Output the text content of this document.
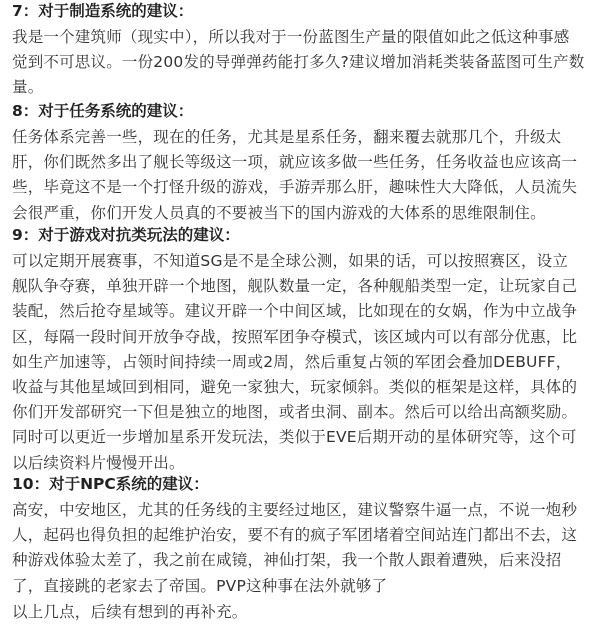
7：对于制造系统的建议：

我是一个建筑师（现实中），所以我对于一份蓝图生产量的限值如此之低这种事感
觉到不可思议。一份200发的导弹弹药能打多久?建议增加消耗类装备蓝图可生产数
量。

8：对于任务系统的建议：

任务体系完善一些，现在的任务，尤其是星系任务，翻来覆去就那几个，升级太
肝，你们既然多出了舰长等级这一项，就应该多做一些任务，任务收益也应该高一
些，毕竟这不是一个打怪升级的游戏，手游弄那么肝，趣味性大大降低，人员流失
会很严重，你们开发人员真的不要被当下的国内游戏的大体系的思维限制住。

9：对于游戏对抗类玩法的建议：

可以定期开展赛事，不知道SG是不是全球公测，如果的话，可以按照赛区，设立
舰队争夺赛，单独开辟一个地图，舰队数量一定，各种舰船类型一定，让玩家自己
装配，然后抢夺星域等。建议开辟一个中间区域，比如现在的女娲，作为中立战争
区，每隔一段时间开放争夺战，按照军团争夺模式，该区域内可以有部分优惠，比
如生产加速等，占领时间持续一周或2周，然后重复占领的军团会叠加DEBUFF，
收益与其他星域回到相同，避免一家独大，玩家倾斜。类似的框架是这样，具体的
你们开发部研究一下但是独立的地图，或者虫洞、副本。然后可以给出高额奖励。
同时可以更近一步增加星系开发玩法，类似于EVE后期开动的星体研究等，这个可
以后续资料片慢慢开出。

10：对于NPC系统的建议：

高安，中安地区，尤其的任务线的主要经过地区，建议警察牛逼一点，不说一炮秒
人，起码也得负担的起维护治安，要不有的疯子军团堵着空间站连门都出不去，这
种游戏体验太差了，我之前在咸镜，神仙打架，我一个散人跟着遭殃，后来没招
了，直接跳的老家去了帝国。PVP这种事在法外就够了

以上几点，后续有想到的再补充。
